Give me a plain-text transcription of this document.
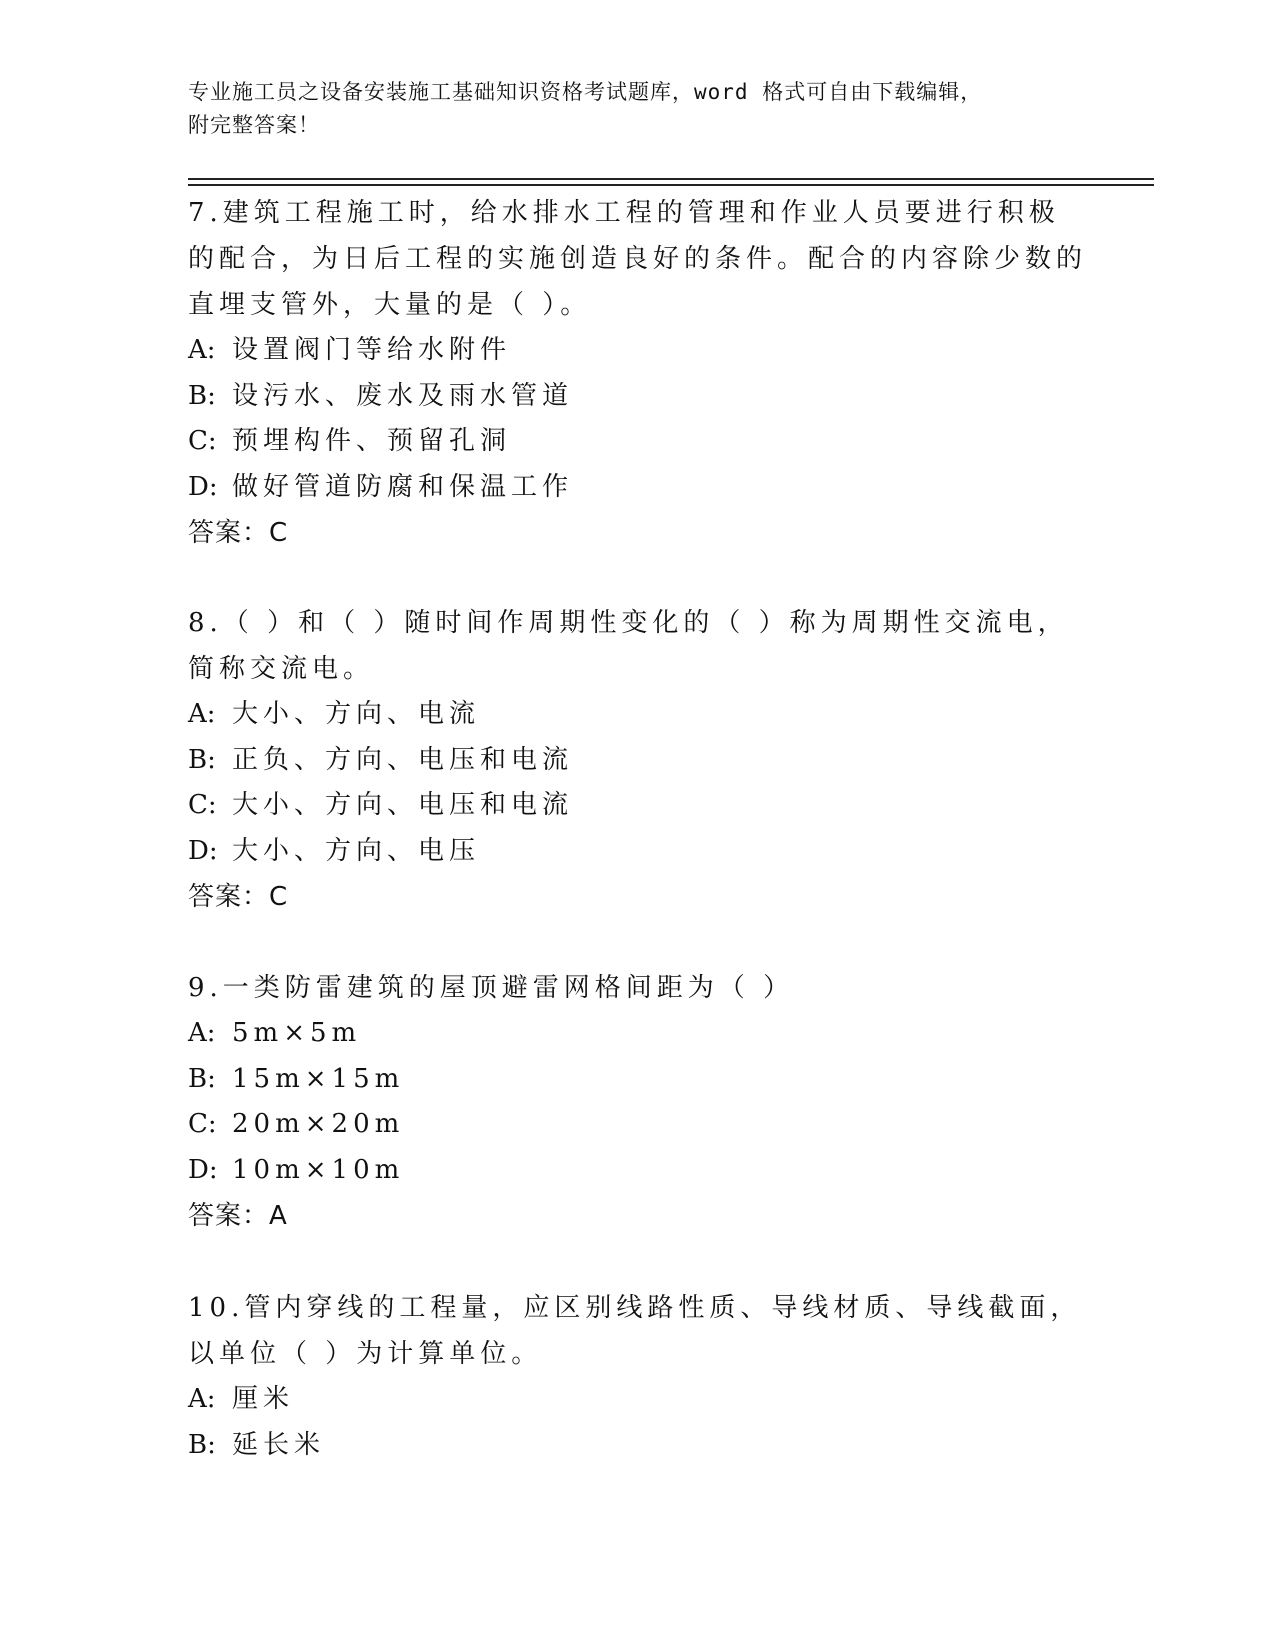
专业施工员之设备安装施工基础知识资格考试题库，word 格式可自由下载编辑，
附完整答案！

7.建筑工程施工时，给水排水工程的管理和作业人员要进行积极的配合，为日后工程的实施创造良好的条件。配合的内容除少数的直埋支管外，大量的是（ ）。

A: 设置阀门等给水附件

B: 设污水、废水及雨水管道

C: 预埋构件、预留孔洞

D: 做好管道防腐和保温工作

答案：C

8.（ ）和（ ）随时间作周期性变化的（ ）称为周期性交流电，简称交流电。

A: 大小、方向、电流

B: 正负、方向、电压和电流

C: 大小、方向、电压和电流

D: 大小、方向、电压

答案：C

9.一类防雷建筑的屋顶避雷网格间距为（ ）

A: 5m×5m

B: 15m×15m

C: 20m×20m

D: 10m×10m

答案：A

10.管内穿线的工程量，应区别线路性质、导线材质、导线截面，以单位（ ）为计算单位。

A: 厘米

B: 延长米
